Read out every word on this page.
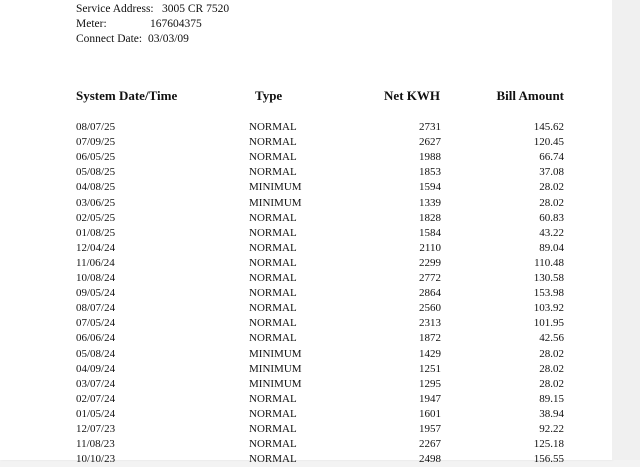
Service Address: 3005 CR 7520
Meter:	167604375
Connect Date: 03/03/09
System Date/Time	Type	Net KWH	Bill Amount
08/07/25	NORMAL	2731	145.62
07/09/25	NORMAL	2627	120.45
06/05/25	NORMAL	1988	66.74
05/08/25	NORMAL	1853	37.08
04/08/25	MINIMUM	1594	28.02
03/06/25	MINIMUM	1339	28.02
02/05/25	NORMAL	1828	60.83
01/08/25	NORMAL	1584	43.22
12/04/24	NORMAL	2110	89.04
11/06/24	NORMAL	2299	110.48
10/08/24	NORMAL	2772	130.58
09/05/24	NORMAL	2864	153.98
08/07/24	NORMAL	2560	103.92
07/05/24	NORMAL	2313	101.95
06/06/24	NORMAL	1872	42.56
05/08/24	MINIMUM	1429	28.02
04/09/24	MINIMUM	1251	28.02
03/07/24	MINIMUM	1295	28.02
02/07/24	NORMAL	1947	89.15
01/05/24	NORMAL	1601	38.94
12/07/23	NORMAL	1957	92.22
11/08/23	NORMAL	2267	125.18
10/10/23	NORMAL	2498	156.55
